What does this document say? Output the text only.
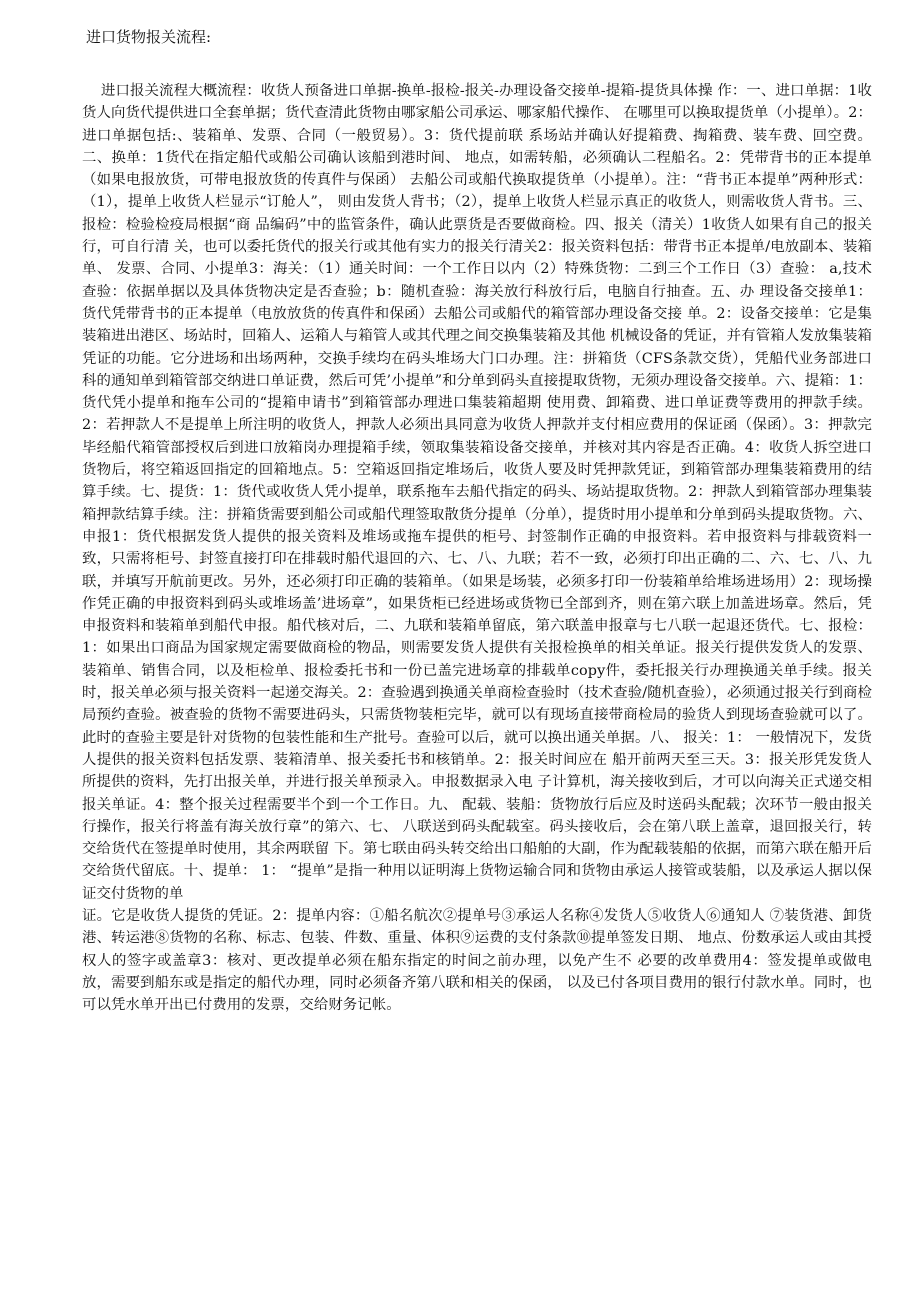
进口货物报关流程:

进口报关流程大概流程：收货人预备进口单据-换单-报检-报关-办理设备交接单-提箱-提货具体操 作：一、进口单据：1收货人向货代提供进口全套单据；货代查清此货物由哪家船公司承运、哪家船代操作、 在哪里可以换取提货单（小提单）。2：进口单据包括:、装箱单、发票、合同（一般贸易）。3：货代提前联 系场站并确认好提箱费、掏箱费、装车费、回空费。二、换单：1货代在指定船代或船公司确认该船到港时间、 地点，如需转船，必须确认二程船名。2：凭带背书的正本提单（如果电报放货，可带电报放货的传真件与保函） 去船公司或船代换取提货单（小提单）。注：“背书正本提单”两种形式：（1），提单上收货人栏显示“订舱人”， 则由发货人背书；（2），提单上收货人栏显示真正的收货人，则需收货人背书。三、报检：检验检疫局根据“商 品编码”中的监管条件，确认此票货是否要做商检。四、报关（清关）1收货人如果有自己的报关行，可自行清 关，也可以委托货代的报关行或其他有实力的报关行清关2：报关资料包括：带背书正本提单/电放副本、装箱单、 发票、合同、小提单3：海关：（1）通关时间：一个工作日以内（2）特殊货物：二到三个工作日（3）查验： a,技术查验：依据单据以及具体货物决定是否查验；b：随机查验：海关放行科放行后，电脑自行抽查。五、办 理设备交接单1：货代凭带背书的正本提单（电放放货的传真件和保函）去船公司或船代的箱管部办理设备交接 单。2：设备交接单：它是集装箱进出港区、场站时，回箱人、运箱人与箱管人或其代理之间交换集装箱及其他 机械设备的凭证，并有管箱人发放集装箱凭证的功能。它分进场和出场两种，交换手续均在码头堆场大门口办理。注：拼箱货（CFS条款交货），凭船代业务部进口科的通知单到箱管部交纳进口单证费，然后可凭’小提单”和分单到码头直接提取货物，无须办理设备交接单。六、提箱：1：货代凭小提单和拖车公司的“提箱申请书”到箱管部办理进口集装箱超期 使用费、卸箱费、进口单证费等费用的押款手续。2：若押款人不是提单上所注明的收货人，押款人必须出具同意为收货人押款并支付相应费用的保证函（保函）。3：押款完毕经船代箱管部授权后到进口放箱岗办理提箱手续，领取集装箱设备交接单，并核对其内容是否正确。4：收货人拆空进口货物后，将空箱返回指定的回箱地点。5：空箱返回指定堆场后，收货人要及时凭押款凭证，到箱管部办理集装箱费用的结算手续。七、提货：1：货代或收货人凭小提单，联系拖车去船代指定的码头、场站提取货物。2：押款人到箱管部办理集装箱押款结算手续。注：拼箱货需要到船公司或船代理签取散货分提单（分单），提货时用小提单和分单到码头提取货物。六、申报1：货代根据发货人提供的报关资料及堆场或拖车提供的柜号、封签制作正确的申报资料。若申报资料与排载资料一致，只需将柜号、封签直接打印在排载时船代退回的六、七、八、九联；若不一致，必须打印出正确的二、六、七、八、九联，并填写开航前更改。另外，还必须打印正确的装箱单。（如果是场装，必须多打印一份装箱单给堆场进场用）2：现场操作凭正确的申报资料到码头或堆场盖’进场章”，如果货柜已经进场或货物已全部到齐，则在第六联上加盖进场章。然后，凭申报资料和装箱单到船代申报。船代核对后，二、九联和装箱单留底，第六联盖申报章与七八联一起退还货代。七、报检：1：如果出口商品为国家规定需要做商检的物品，则需要发货人提供有关报检换单的相关单证。报关行提供发货人的发票、装箱单、销售合同，以及柜检单、报检委托书和一份已盖完进场章的排载单copy件，委托报关行办理换通关单手续。报关时，报关单必须与报关资料一起递交海关。2：查验遇到换通关单商检查验时（技术查验/随机查验），必须通过报关行到商检局预约查验。被查验的货物不需要进码头，只需货物装柜完毕，就可以有现场直接带商检局的验货人到现场查验就可以了。此时的查验主要是针对货物的包装性能和生产批号。查验可以后，就可以换出通关单据。八、 报关：1： 一般情况下，发货人提供的报关资料包括发票、装箱清单、报关委托书和核销单。2：报关时间应在 船开前两天至三天。3：报关形凭发货人所提供的资料，先打出报关单，并进行报关单预录入。申报数据录入电 子计算机，海关接收到后，才可以向海关正式递交相报关单证。4：整个报关过程需要半个到一个工作日。九、 配载、装船：货物放行后应及时送码头配载；次环节一般由报关行操作，报关行将盖有海关放行章”的第六、七、 八联送到码头配载室。码头接收后，会在第八联上盖章，退回报关行，转交给货代在签提单时使用，其余两联留 下。第七联由码头转交给出口船舶的大副，作为配载装船的依据，而第六联在船开后交给货代留底。十、提单： 1： “提单”是指一种用以证明海上货物运输合同和货物由承运人接管或装船，以及承运人据以保证交付货物的单

证。它是收货人提货的凭证。2：提单内容：①船名航次②提单号③承运人名称④发货人⑤收货人⑥通知人 ⑦装货港、卸货港、转运港⑧货物的名称、标志、包装、件数、重量、体积⑨运费的支付条款⑩提单签发日期、 地点、份数承运人或由其授权人的签字或盖章3：核对、更改提单必须在船东指定的时间之前办理，以免产生不 必要的改单费用4：签发提单或做电放，需要到船东或是指定的船代办理，同时必须备齐第八联和相关的保函， 以及已付各项目费用的银行付款水单。同时，也可以凭水单开出已付费用的发票，交给财务记帐。
